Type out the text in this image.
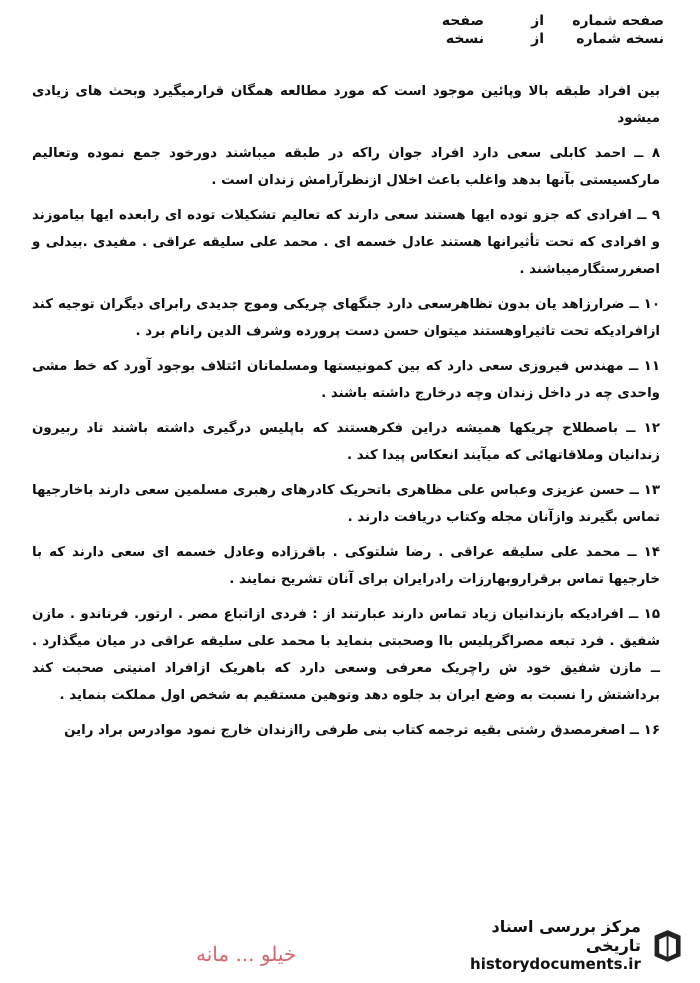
صفحه شماره
از
صفحه
نسخه شماره
از
نسخه

بین افراد طبقه بالا وپائین موجود است که مورد مطالعه همگان قرارمیگیرد وبحث های زیادی میشود

۸ ــ احمد کابلی سعی دارد افراد جوان راکه در طبقه میباشند دورخود جمع نموده وتعالیم مارکسیستی بآنها بدهد واغلب باعث اخلال ازنظرآرامش زندان است .

۹ ــ افرادی که جزو توده ایها هستند سعی دارند که تعالیم تشکیلات توده ای رابعده ایها بیاموزند و افرادی که تحت تأثیرانها هستند عادل خسمه ای . محمد علی سلیقه عراقی . مفیدی .بیدلی و اصغررستگارمیباشند .

۱۰ ــ ضرارزاهد یان بدون تظاهرسعی دارد جنگهای چریکی وموج جدیدی رابرای دیگران توجیه کند ازافرادیکه تحت تاثیراوهستند میتوان حسن دست پرورده وشرف الدین رانام برد .

۱۱ ــ مهندس فیروزی سعی دارد که بین کمونیستها ومسلمانان ائتلاف بوجود آورد که خط مشی واحدی چه در داخل زندان وچه درخارج داشته باشند .

۱۲ ــ باصطلاح چریکها همیشه دراین فکرهستند که باپلیس درگیری داشته باشند تاد ربیرون زندانیان وملاقاتهائی که میآیند انعکاس پیدا کند .

۱۳ ــ حسن عزیزی وعباس علی مظاهری باتحریک کادرهای رهبری مسلمین سعی دارند باخارجیها تماس بگیرند وازآنان مجله وکتاب دریافت دارند .

۱۴ ــ محمد علی سلیقه عراقی . رضا شلتوکی . باقرزاده وعادل خسمه ای سعی دارند که با خارجیها تماس برقراروبهارزات رادرایران برای آنان تشریح نمایند .

۱۵ ــ افرادیکه بازندانیان زیاد تماس دارند عبارتند از : فردی ازاتباع مصر . ارتور. فرناندو . مازن شفیق . فرد تبعه مصراگرپلیس باا وصحبتی بنماید با محمد علی سلیقه عراقی در میان میگذارد . ــ مازن شفیق خود ش راچریک معرفی وسعی دارد که باهریک ازافراد امنیتی صحبت کند برداشتش را نسبت به وضع ایران بد جلوه دهد وتوهین مستقیم به شخص اول مملکت بنماید .

۱۶ ــ اصغرمصدق رشتی بقیه ترجمه کتاب بنی طرفی راازندان خارج نمود موادرس براد راین

خیلو ... مانه
مرکز بررسی اسناد تاریخی
historydocuments.ir
